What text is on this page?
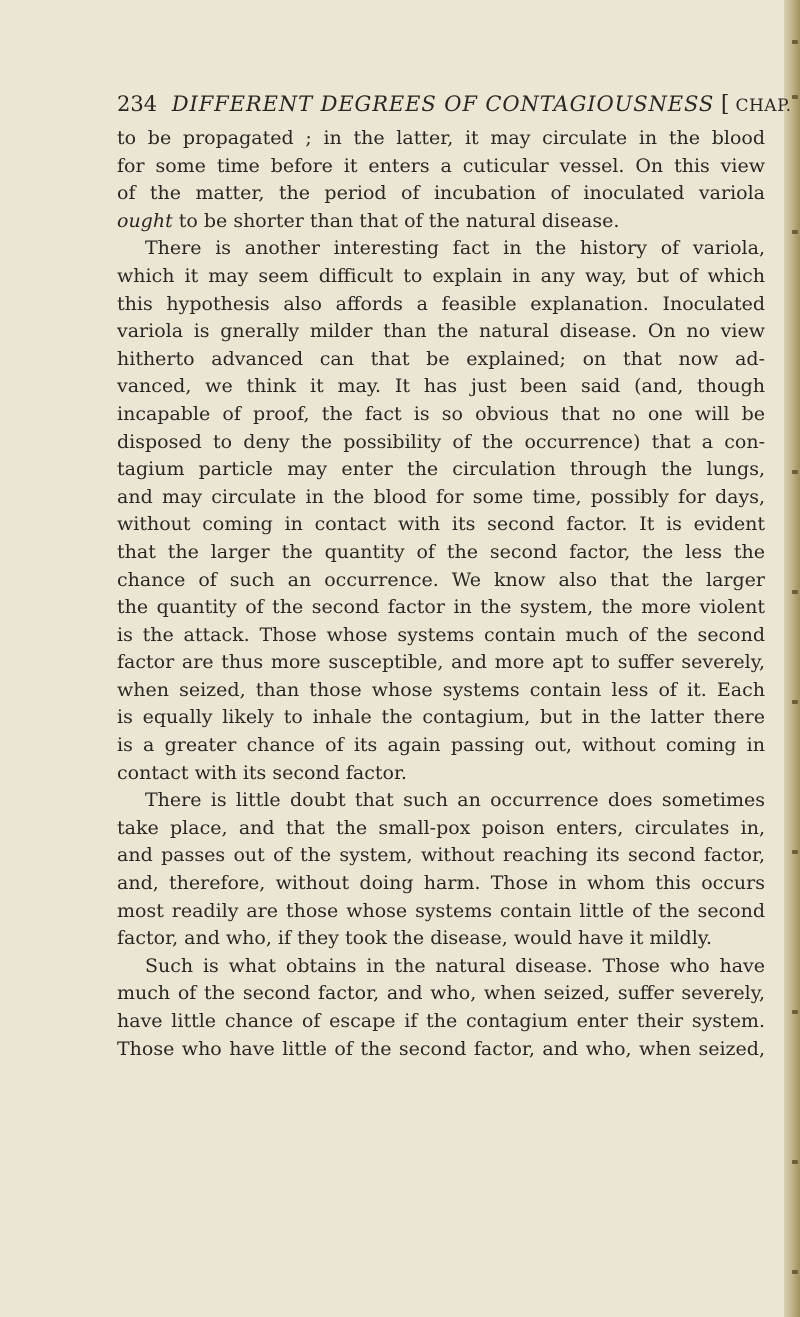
234 DIFFERENT DEGREES OF CONTAGIOUSNESS [ CHAP.
to be propagated ; in the latter, it may circulate in the blood
for some time before it enters a cuticular vessel. On this view
of the matter, the period of incubation of inoculated variola
ought to be shorter than that of the natural disease.
There is another interesting fact in the history of variola,
which it may seem difficult to explain in any way, but of which
this hypothesis also affords a feasible explanation. Inoculated
variola is gnerally milder than the natural disease. On no view
hitherto advanced can that be explained; on that now ad-
vanced, we think it may. It has just been said (and, though
incapable of proof, the fact is so obvious that no one will be
disposed to deny the possibility of the occurrence) that a con-
tagium particle may enter the circulation through the lungs,
and may circulate in the blood for some time, possibly for days,
without coming in contact with its second factor. It is evident
that the larger the quantity of the second factor, the less the
chance of such an occurrence. We know also that the larger
the quantity of the second factor in the system, the more violent
is the attack. Those whose systems contain much of the second
factor are thus more susceptible, and more apt to suffer severely,
when seized, than those whose systems contain less of it. Each
is equally likely to inhale the contagium, but in the latter there
is a greater chance of its again passing out, without coming in
contact with its second factor.
There is little doubt that such an occurrence does sometimes
take place, and that the small-pox poison enters, circulates in,
and passes out of the system, without reaching its second factor,
and, therefore, without doing harm. Those in whom this occurs
most readily are those whose systems contain little of the second
factor, and who, if they took the disease, would have it mildly.
Such is what obtains in the natural disease. Those who have
much of the second factor, and who, when seized, suffer severely,
have little chance of escape if the contagium enter their system.
Those who have little of the second factor, and who, when seized,
